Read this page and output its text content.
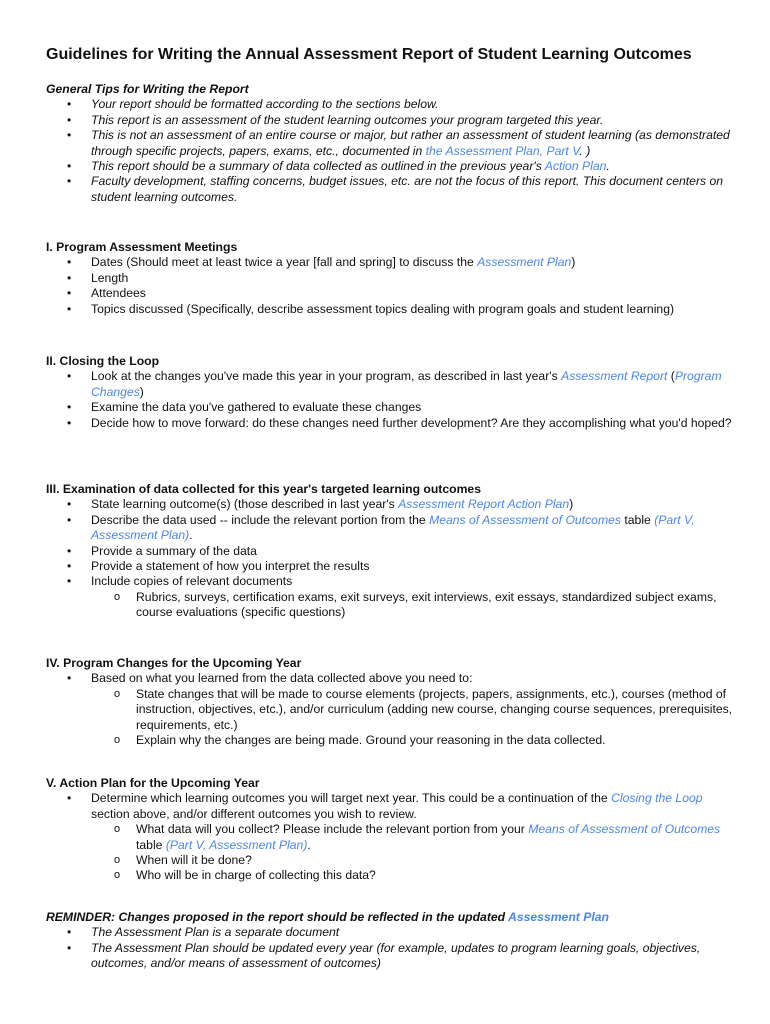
Guidelines for Writing the Annual Assessment Report of Student Learning Outcomes

General Tips for Writing the Report

• Your report should be formatted according to the sections below.
• This report is an assessment of the student learning outcomes your program targeted this year.
• This is not an assessment of an entire course or major, but rather an assessment of student learning (as demonstrated through specific projects, papers, exams, etc., documented in the Assessment Plan, Part V. )
• This report should be a summary of data collected as outlined in the previous year's Action Plan.
• Faculty development, staffing concerns, budget issues, etc. are not the focus of this report. This document centers on student learning outcomes.

I. Program Assessment Meetings

• Dates (Should meet at least twice a year [fall and spring] to discuss the Assessment Plan)
• Length
• Attendees
• Topics discussed (Specifically, describe assessment topics dealing with program goals and student learning)

II. Closing the Loop

• Look at the changes you've made this year in your program, as described in last year's Assessment Report (Program Changes)
• Examine the data you've gathered to evaluate these changes
• Decide how to move forward: do these changes need further development? Are they accomplishing what you'd hoped?

III. Examination of data collected for this year's targeted learning outcomes

• State learning outcome(s) (those described in last year's Assessment Report Action Plan)
• Describe the data used -- include the relevant portion from the Means of Assessment of Outcomes table (Part V, Assessment Plan).
• Provide a summary of the data
• Provide a statement of how you interpret the results
• Include copies of relevant documents
o Rubrics, surveys, certification exams, exit surveys, exit interviews, exit essays, standardized subject exams, course evaluations (specific questions)

IV. Program Changes for the Upcoming Year

• Based on what you learned from the data collected above you need to:
o State changes that will be made to course elements (projects, papers, assignments, etc.), courses (method of instruction, objectives, etc.), and/or curriculum (adding new course, changing course sequences, prerequisites, requirements, etc.)
o Explain why the changes are being made. Ground your reasoning in the data collected.

V. Action Plan for the Upcoming Year

• Determine which learning outcomes you will target next year. This could be a continuation of the Closing the Loop section above, and/or different outcomes you wish to review.
o What data will you collect? Please include the relevant portion from your Means of Assessment of Outcomes table (Part V, Assessment Plan).
o When will it be done?
o Who will be in charge of collecting this data?

REMINDER: Changes proposed in the report should be reflected in the updated Assessment Plan

• The Assessment Plan is a separate document
• The Assessment Plan should be updated every year (for example, updates to program learning goals, objectives, outcomes, and/or means of assessment of outcomes)
